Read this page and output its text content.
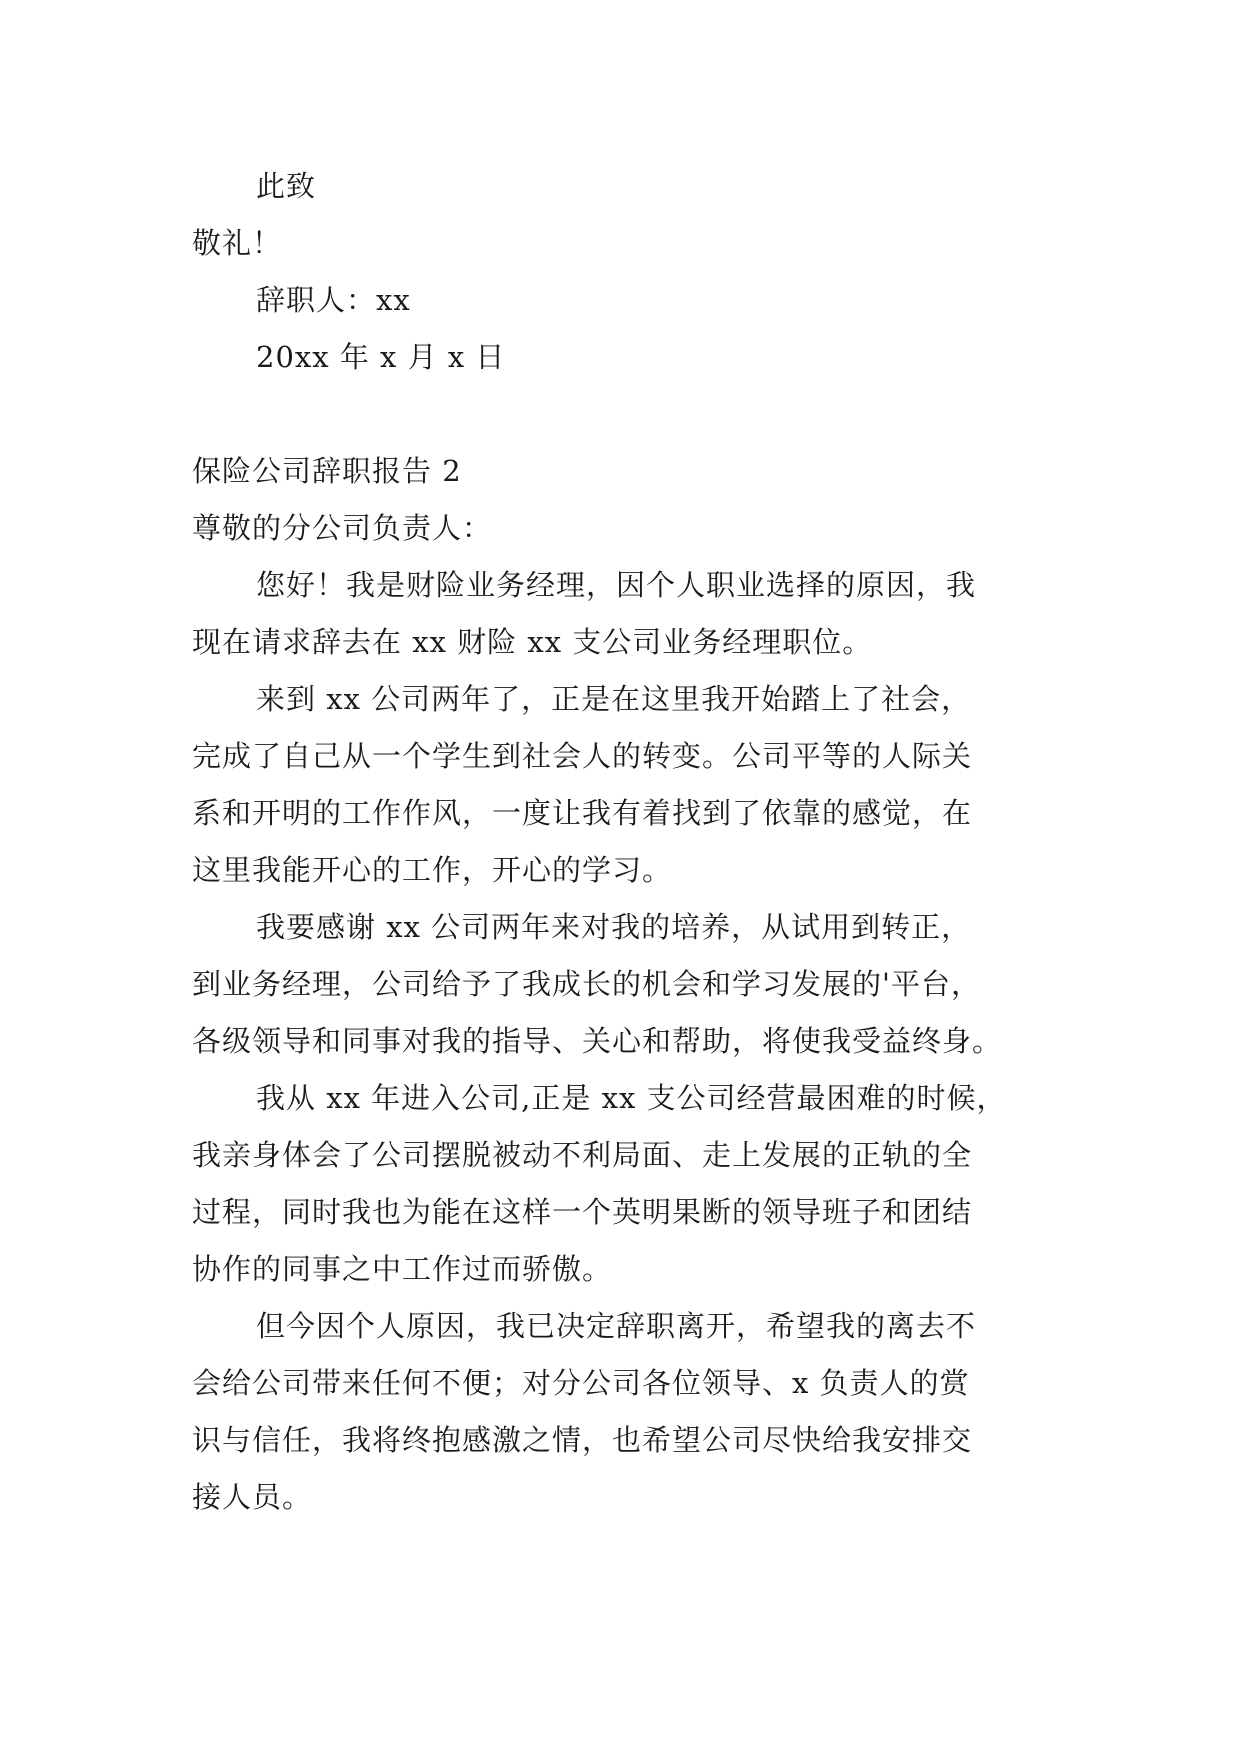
此致
敬礼！
辞职人：xx
20xx 年 x 月 x 日
保险公司辞职报告 2
尊敬的分公司负责人：
您好！我是财险业务经理，因个人职业选择的原因，我
现在请求辞去在 xx 财险 xx 支公司业务经理职位。
来到 xx 公司两年了，正是在这里我开始踏上了社会，
完成了自己从一个学生到社会人的转变。公司平等的人际关
系和开明的工作作风，一度让我有着找到了依靠的感觉，在
这里我能开心的工作，开心的学习。
我要感谢 xx 公司两年来对我的培养，从试用到转正，
到业务经理，公司给予了我成长的机会和学习发展的'平台，
各级领导和同事对我的指导、关心和帮助，将使我受益终身。
我从 xx 年进入公司,正是 xx 支公司经营最困难的时候，
我亲身体会了公司摆脱被动不利局面、走上发展的正轨的全
过程，同时我也为能在这样一个英明果断的领导班子和团结
协作的同事之中工作过而骄傲。
但今因个人原因，我已决定辞职离开，希望我的离去不
会给公司带来任何不便；对分公司各位领导、x 负责人的赏
识与信任，我将终抱感激之情，也希望公司尽快给我安排交
接人员。
